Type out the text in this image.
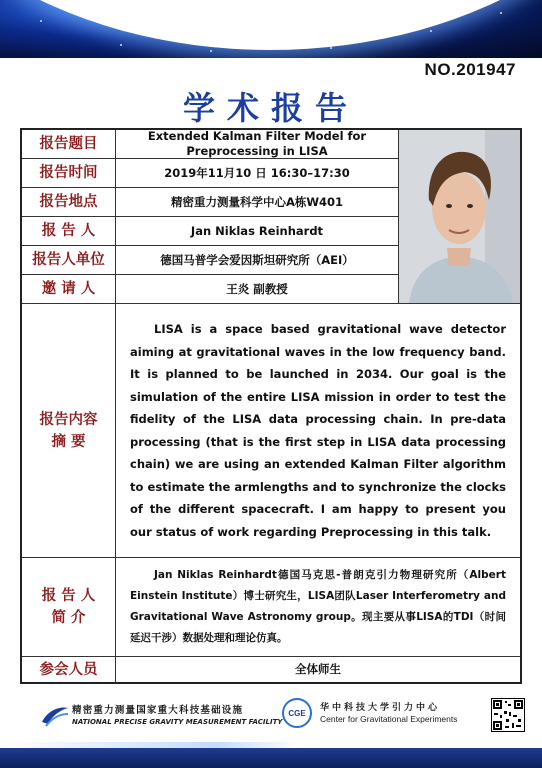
NO.201947
学术报告
报告题目	Extended Kalman Filter Model for Preprocessing in LISA
报告时间	2019年11月10 日 16:30–17:30
报告地点	精密重力测量科学中心A栋W401
报 告 人	Jan Niklas Reinhardt
报告人单位	德国马普学会爱因斯坦研究所（AEI）
邀 请 人	王炎 副教授
报告内容
摘 要

LISA is a space based gravitational wave detector aiming at gravitational waves in the low frequency band. It is planned to be launched in 2034. Our goal is the simulation of the entire LISA mission in order to test the fidelity of the LISA data processing chain. In pre-data processing (that is the first step in LISA data processing chain) we are using an extended Kalman Filter algorithm to estimate the armlengths and to synchronize the clocks of the different spacecraft. I am happy to present you our status of work regarding Preprocessing in this talk.

报 告 人
简 介

Jan Niklas Reinhardt德国马克思-普朗克引力物理研究所（Albert Einstein Institute）博士研究生，LISA团队Laser Interferometry and Gravitational Wave Astronomy group。现主要从事LISA的TDI（时间延迟干涉）数据处理和理论仿真。

参会人员	全体师生
精密重力测量国家重大科技基础设施
NATIONAL PRECISE GRAVITY MEASUREMENT FACILITY
CGE	华中科技大学引力中心
Center for Gravitational Experiments
